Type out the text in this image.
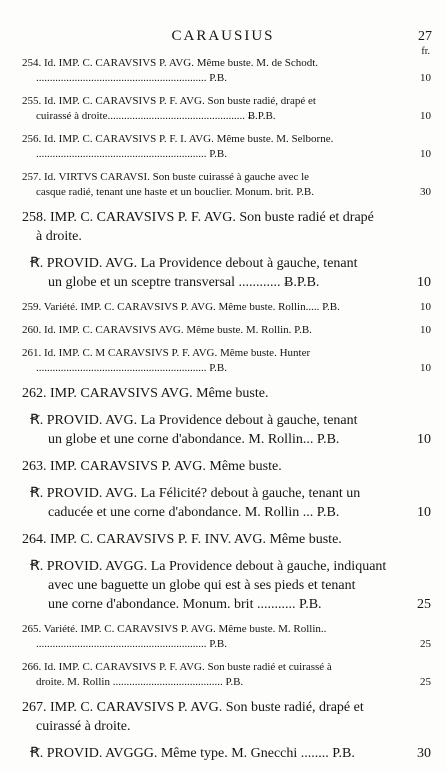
CARAUSIUS	27
fr.
254. Id. IMP. C. CARAVSIVS P. AVG. Même buste. M. de Schodt.
.............................................................. P.B.	10
255. Id. IMP. C. CARAVSIVS P. F. AVG. Son buste radié, drapé et
cuirassé à droite.................................................. Ƀ.P.B.	10
256. Id. IMP. C. CARAVSIVS P. F. I. AVG. Même buste. M. Selborne.
.............................................................. P.B.	10
257. Id. VIRTVS CARAVSI. Son buste cuirassé à gauche avec le
casque radié, tenant une haste et un bouclier. Monum. brit. P.B.	30
258. IMP. C. CARAVSIVS P. F. AVG. Son buste radié et drapé
à droite.
Ꞧ. PROVID. AVG. La Providence debout à gauche, tenant
un globe et un sceptre transversal ............ Ƀ.P.B.	10
259. Variété. IMP. C. CARAVSIVS P. AVG. Même buste. Rollin..... P.B.	10
260. Id. IMP. C. CARAVSIVS AVG. Même buste. M. Rollin. P.B.	10
261. Id. IMP. C. M CARAVSIVS P. F. AVG. Même buste. Hunter
.............................................................. P.B.	10
262. IMP. CARAVSIVS AVG. Même buste.
Ꞧ. PROVID. AVG. La Providence debout à gauche, tenant
un globe et une corne d'abondance. M. Rollin... P.B.	10
263. IMP. CARAVSIVS P. AVG. Même buste.
Ꞧ. PROVID. AVG. La Félicité? debout à gauche, tenant un
caducée et une corne d'abondance. M. Rollin ... P.B.	10
264. IMP. C. CARAVSIVS P. F. INV. AVG. Même buste.
Ꞧ. PROVID. AVGG. La Providence debout à gauche, indiquant
avec une baguette un globe qui est à ses pieds et tenant
une corne d'abondance. Monum. brit ........... P.B.	25
265. Variété. IMP. C. CARAVSIVS P. AVG. Même buste. M. Rollin..
.............................................................. P.B.	25
266. Id. IMP. C. CARAVSIVS P. F. AVG. Son buste radié et cuirassé à
droite. M. Rollin ........................................ P.B.	25
267. IMP. C. CARAVSIVS P. AVG. Son buste radié, drapé et
cuirassé à droite.
Ꞧ. PROVID. AVGGG. Même type. M. Gnecchi ........ P.B.	30
